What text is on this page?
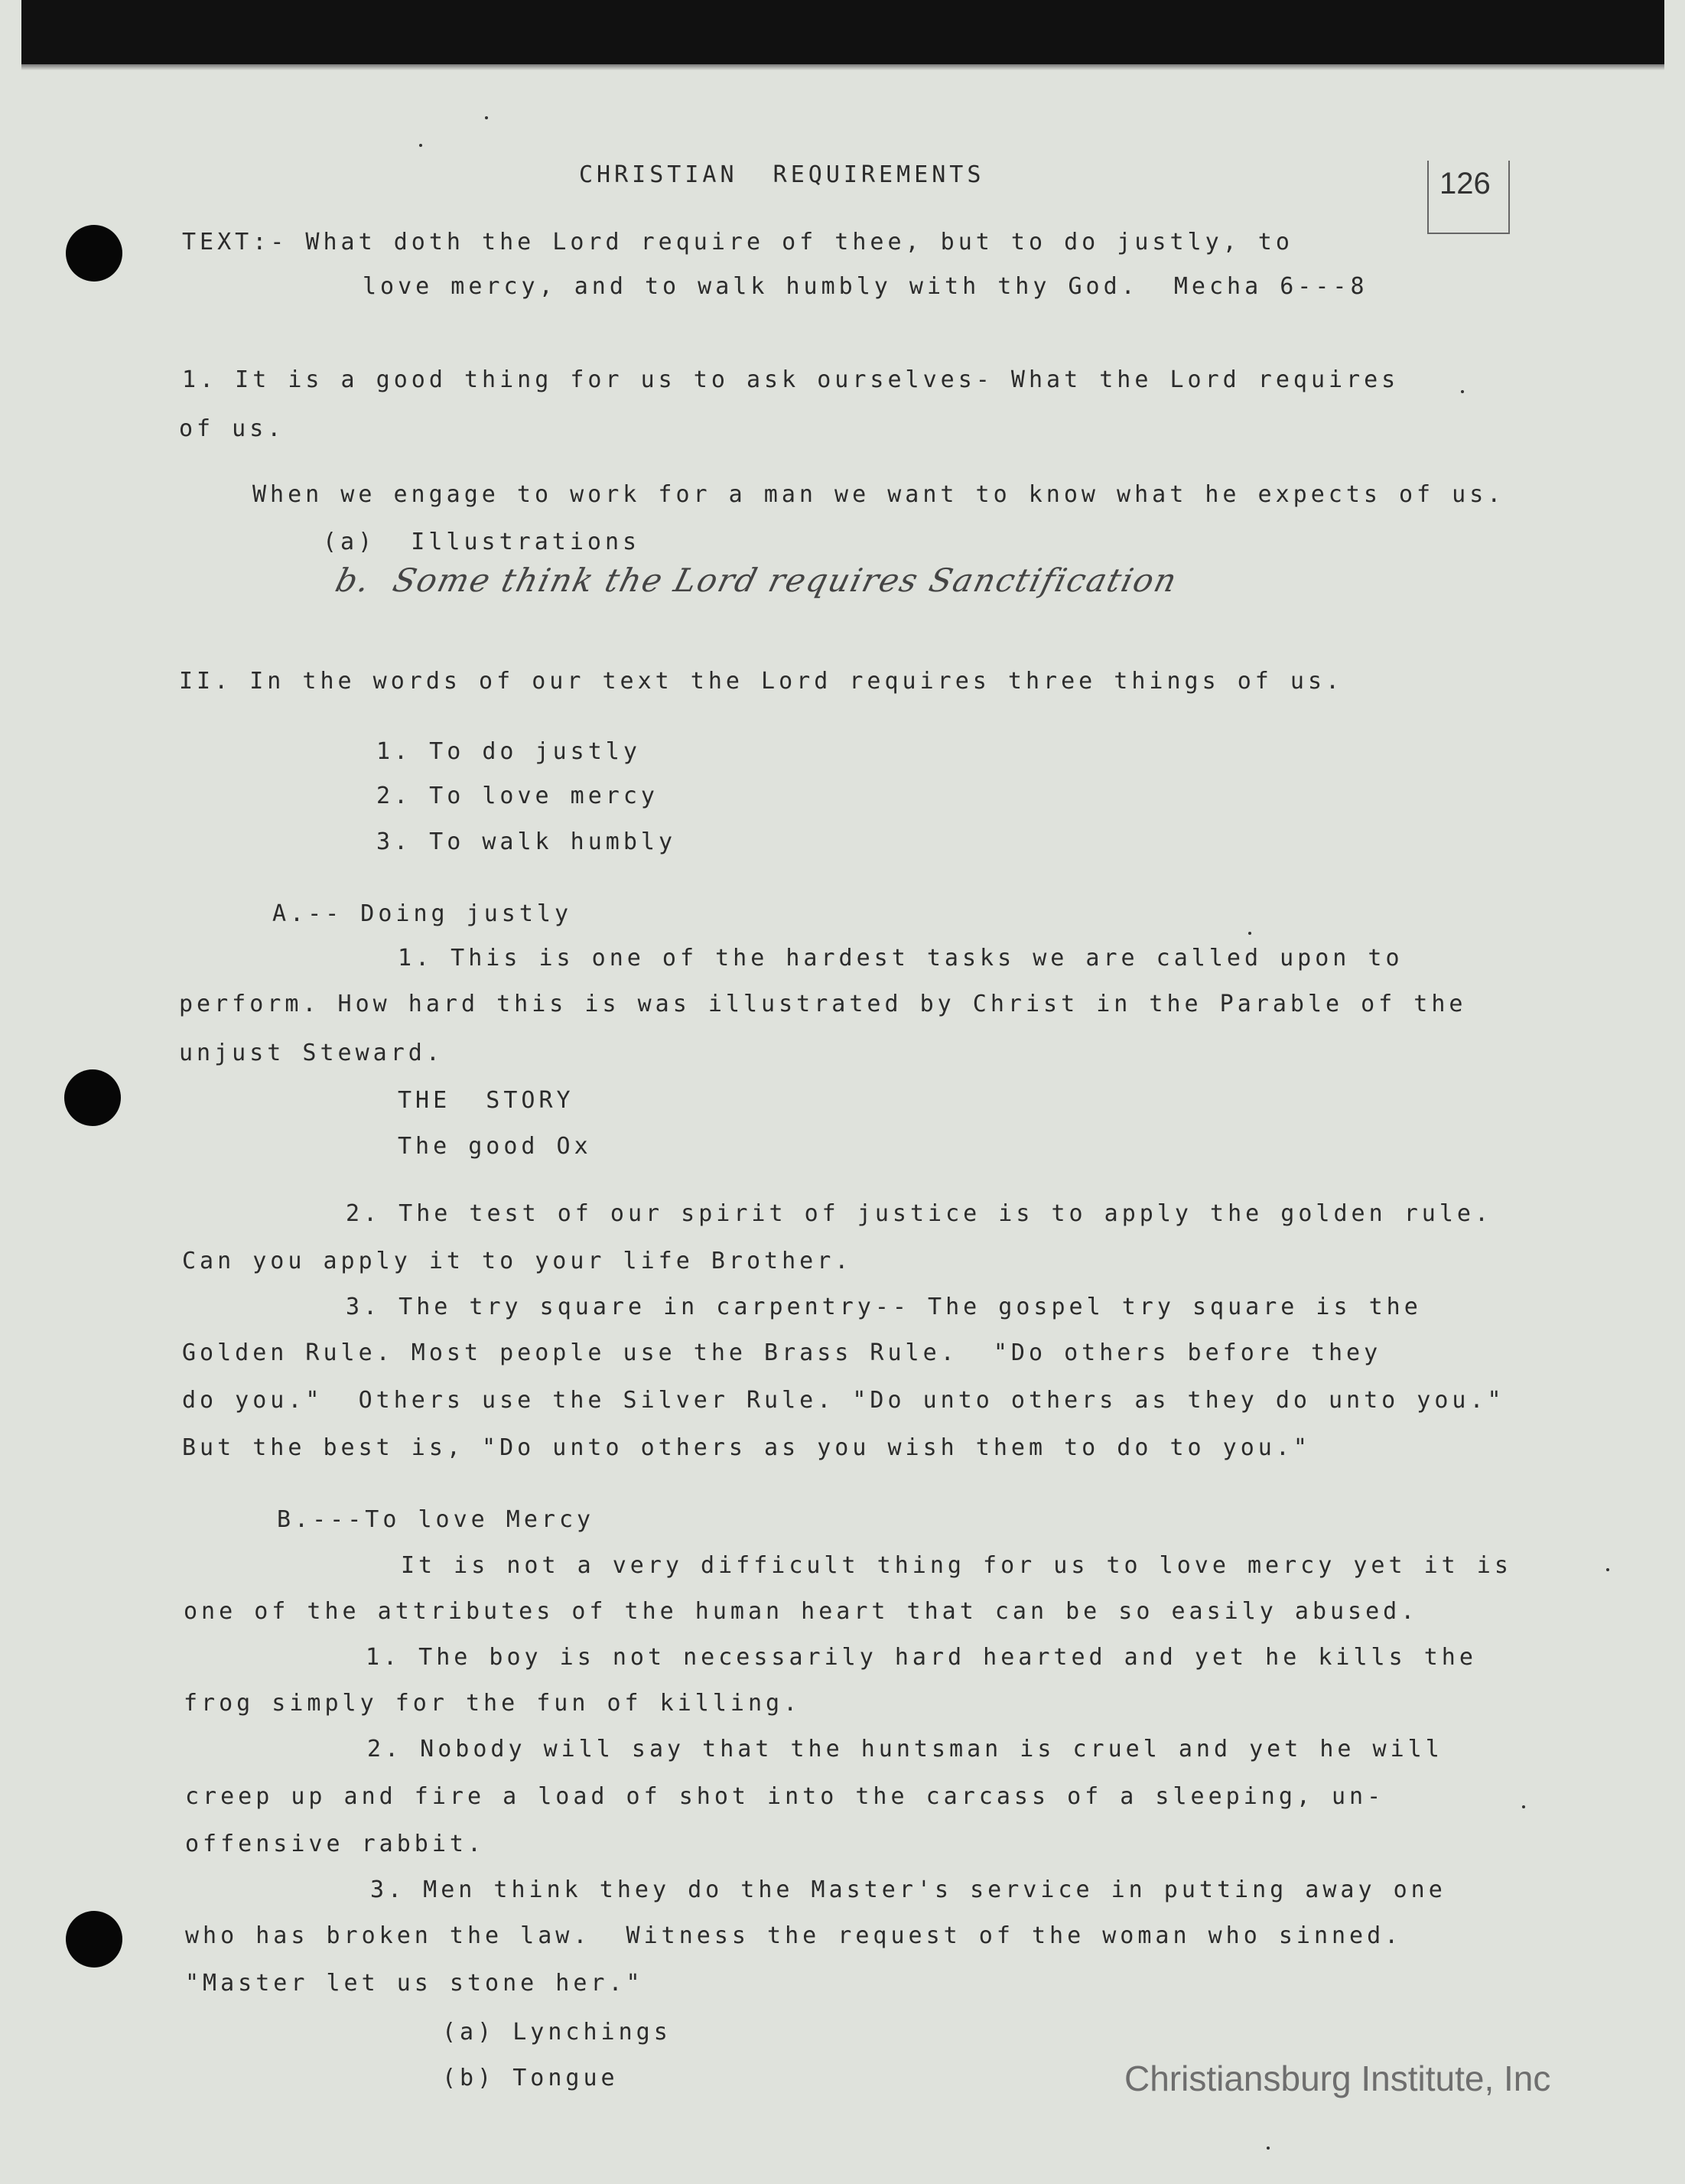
126
CHRISTIAN  REQUIREMENTS
TEXT:- What doth the Lord require of thee, but to do justly, to
love mercy, and to walk humbly with thy God.  Mecha 6---8
1. It is a good thing for us to ask ourselves- What the Lord requires
of us.
When we engage to work for a man we want to know what he expects of us.
(a)  Illustrations
b.  Some think the Lord requires Sanctification
II. In the words of our text the Lord requires three things of us.
1. To do justly
2. To love mercy
3. To walk humbly
A.-- Doing justly
1. This is one of the hardest tasks we are called upon to
perform. How hard this is was illustrated by Christ in the Parable of the
unjust Steward.
THE  STORY
The good Ox
2. The test of our spirit of justice is to apply the golden rule.
Can you apply it to your life Brother.
3. The try square in carpentry-- The gospel try square is the
Golden Rule. Most people use the Brass Rule.  "Do others before they
do you."  Others use the Silver Rule. "Do unto others as they do unto you."
But the best is, "Do unto others as you wish them to do to you."
B.---To love Mercy
It is not a very difficult thing for us to love mercy yet it is
one of the attributes of the human heart that can be so easily abused.
1. The boy is not necessarily hard hearted and yet he kills the
frog simply for the fun of killing.
2. Nobody will say that the huntsman is cruel and yet he will
creep up and fire a load of shot into the carcass of a sleeping, un-
offensive rabbit.
3. Men think they do the Master's service in putting away one
who has broken the law.  Witness the request of the woman who sinned.
"Master let us stone her."
(a) Lynchings
(b) Tongue	Christiansburg Institute, Inc
